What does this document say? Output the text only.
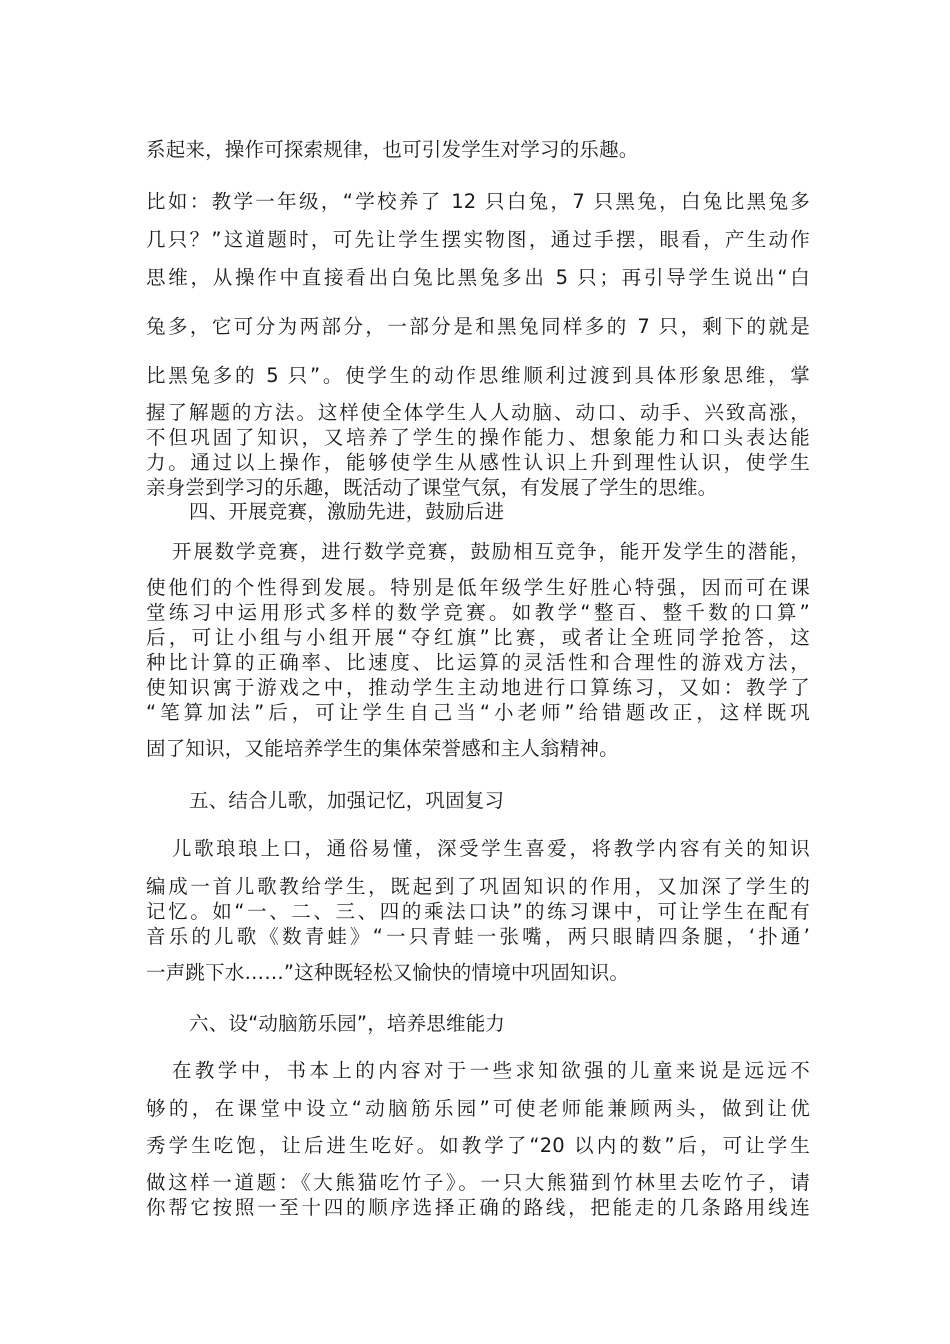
系起来，操作可探索规律，也可引发学生对学习的乐趣。
比如：教学一年级，“学校养了 12 只白兔，7 只黑兔，白兔比黑兔多
几只？”这道题时，可先让学生摆实物图，通过手摆，眼看，产生动作
思维，从操作中直接看出白兔比黑兔多出 5 只；再引导学生说出“白
兔多，它可分为两部分，一部分是和黑兔同样多的 7 只，剩下的就是
比黑兔多的 5 只”。使学生的动作思维顺利过渡到具体形象思维，掌
握了解题的方法。这样使全体学生人人动脑、动口、动手、兴致高涨，
不但巩固了知识，又培养了学生的操作能力、想象能力和口头表达能
力。通过以上操作，能够使学生从感性认识上升到理性认识，使学生
亲身尝到学习的乐趣，既活动了课堂气氛，有发展了学生的思维。
四、开展竞赛，激励先进，鼓励后进
开展数学竞赛，进行数学竞赛，鼓励相互竞争，能开发学生的潜能，
使他们的个性得到发展。特别是低年级学生好胜心特强，因而可在课
堂练习中运用形式多样的数学竞赛。如教学“整百、整千数的口算”
后，可让小组与小组开展“夺红旗”比赛，或者让全班同学抢答，这
种比计算的正确率、比速度、比运算的灵活性和合理性的游戏方法，
使知识寓于游戏之中，推动学生主动地进行口算练习，又如：教学了
“笔算加法”后，可让学生自己当“小老师”给错题改正，这样既巩
固了知识，又能培养学生的集体荣誉感和主人翁精神。
五、结合儿歌，加强记忆，巩固复习
儿歌琅琅上口，通俗易懂，深受学生喜爱，将教学内容有关的知识
编成一首儿歌教给学生，既起到了巩固知识的作用，又加深了学生的
记忆。如“一、二、三、四的乘法口诀”的练习课中，可让学生在配有
音乐的儿歌《数青蛙》“一只青蛙一张嘴，两只眼睛四条腿，‘扑通’
一声跳下水……”这种既轻松又愉快的情境中巩固知识。
六、设“动脑筋乐园”，培养思维能力
在教学中，书本上的内容对于一些求知欲强的儿童来说是远远不
够的，在课堂中设立“动脑筋乐园”可使老师能兼顾两头，做到让优
秀学生吃饱，让后进生吃好。如教学了“20 以内的数”后，可让学生
做这样一道题：《大熊猫吃竹子》。一只大熊猫到竹林里去吃竹子，请
你帮它按照一至十四的顺序选择正确的路线，把能走的几条路用线连
